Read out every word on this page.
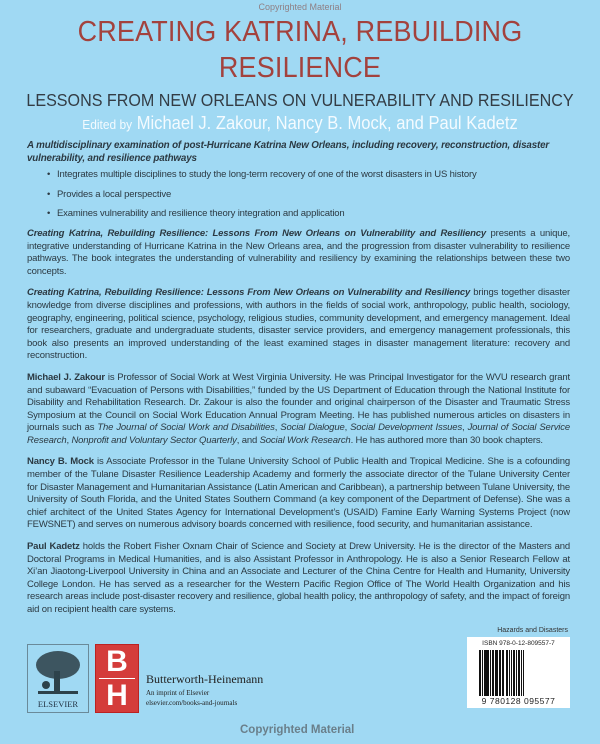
Copyrighted Material
CREATING KATRINA, REBUILDING RESILIENCE
LESSONS FROM NEW ORLEANS ON VULNERABILITY AND RESILIENCY
Edited by Michael J. Zakour, Nancy B. Mock, and Paul Kadetz
A multidisciplinary examination of post-Hurricane Katrina New Orleans, including recovery, reconstruction, disaster vulnerability, and resilience pathways
• Integrates multiple disciplines to study the long-term recovery of one of the worst disasters in US history
• Provides a local perspective
• Examines vulnerability and resilience theory integration and application

Creating Katrina, Rebuilding Resilience: Lessons From New Orleans on Vulnerability and Resiliency presents a unique, integrative understanding of Hurricane Katrina in the New Orleans area, and the progression from disaster vulnerability to resilience pathways. The book integrates the understanding of vulnerability and resiliency by examining the relationships between these two concepts.

Creating Katrina, Rebuilding Resilience: Lessons From New Orleans on Vulnerability and Resiliency brings together disaster knowledge from diverse disciplines and professions, with authors in the fields of social work, anthropology, public health, sociology, geography, engineering, political science, psychology, religious studies, community development, and emergency management. Ideal for researchers, graduate and undergraduate students, disaster service providers, and emergency management professionals, this book also presents an improved understanding of the least examined stages in disaster management literature: recovery and reconstruction.

Michael J. Zakour is Professor of Social Work at West Virginia University. He was Principal Investigator for the WVU research grant and subaward “Evacuation of Persons with Disabilities,” funded by the US Department of Education through the National Institute for Disability and Rehabilitation Research. Dr. Zakour is also the founder and original chairperson of the Disaster and Traumatic Stress Symposium at the Council on Social Work Education Annual Program Meeting. He has published numerous articles on disasters in journals such as The Journal of Social Work and Disabilities, Social Dialogue, Social Development Issues, Journal of Social Service Research, Nonprofit and Voluntary Sector Quarterly, and Social Work Research. He has authored more than 30 book chapters.

Nancy B. Mock is Associate Professor in the Tulane University School of Public Health and Tropical Medicine. She is a cofounding member of the Tulane Disaster Resilience Leadership Academy and formerly the associate director of the Tulane University Center for Disaster Management and Humanitarian Assistance (Latin American and Caribbean), a partnership between Tulane University, the University of South Florida, and the United States Southern Command (a key component of the Department of Defense). She was a chief architect of the United States Agency for International Development’s (USAID) Famine Early Warning Systems Project (now FEWSNET) and serves on numerous advisory boards concerned with resilience, food security, and humanitarian assistance.

Paul Kadetz holds the Robert Fisher Oxnam Chair of Science and Society at Drew University. He is the director of the Masters and Doctoral Programs in Medical Humanities, and is also Assistant Professor in Anthropology. He is also a Senior Research Fellow at Xi’an Jiaotong-Liverpool University in China and an Associate and Lecturer of the China Centre for Health and Humanity, University College London. He has served as a researcher for the Western Pacific Region Office of The World Health Organization and his research areas include post-disaster recovery and resilience, global health policy, the anthropology of safety, and the impact of foreign aid on recipient health care systems.

Hazards and Disasters
ISBN 978-0-12-809557-7
9 780128 095577
ELSEVIER
B
H	Butterworth-Heinemann
An imprint of Elsevier
elsevier.com/books-and-journals
Copyrighted Material
